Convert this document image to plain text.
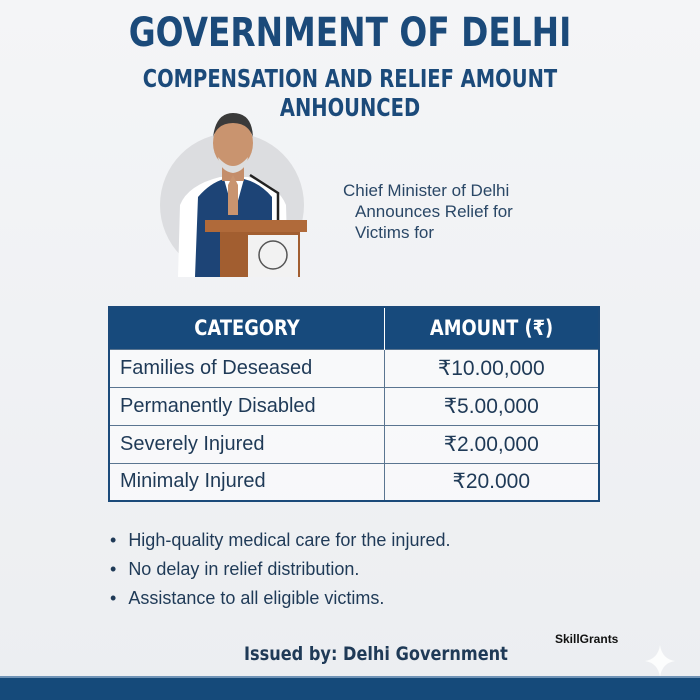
GOVERNMENT OF DELHI
COMPENSATION AND RELIEF AMOUNT ANHOUNCED
Chief Minister of Delhi
Announces Relief for
Victims for
CATEGORY	AMOUNT (₹)
Families of Deseased	₹10.00,000
Permanently Disabled	₹5.00,000
Severely Injured	₹2.00,000
Minimaly Injured	₹20.000
• High-quality medical care for the injured.
• No delay in relief distribution.
• Assistance to all eligible victims.
Issued by: Delhi Government
SkillGrants
